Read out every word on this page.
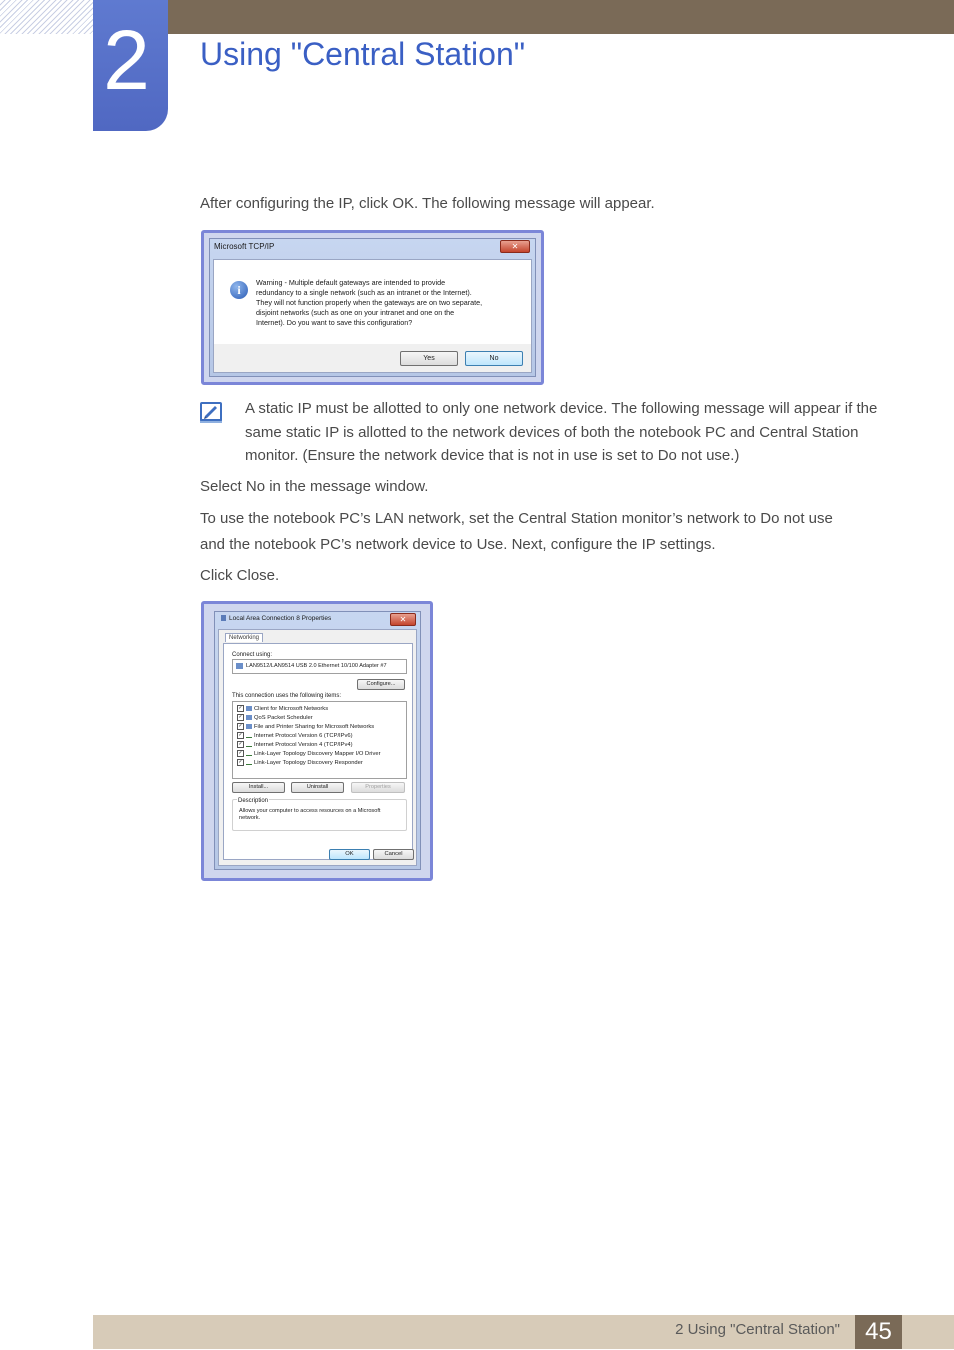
2	Using "Central Station"

After configuring the IP, click OK. The following message will appear.

Microsoft TCP/IP	✕
i
Warning - Multiple default gateways are intended to provide
redundancy to a single network (such as an intranet or the Internet).
They will not function properly when the gateways are on two separate,
disjoint networks (such as one on your intranet and one on the
Internet). Do you want to save this configuration?
Yes	No

A static IP must be allotted to only one network device. The following message will appear if the
same static IP is allotted to the network devices of both the notebook PC and Central Station
monitor. (Ensure the network device that is not in use is set to Do not use.)

Select No in the message window.

To use the notebook PC’s LAN network, set the Central Station monitor’s network to Do not use
and the notebook PC’s network device to Use. Next, configure the IP settings.

Click Close.

Local Area Connection 8 Properties	✕
Networking
Connect using:
LAN9512/LAN9514 USB 2.0 Ethernet 10/100 Adapter #7
Configure...
This connection uses the following items:
✓ Client for Microsoft Networks
✓ QoS Packet Scheduler
✓ File and Printer Sharing for Microsoft Networks
✓ Internet Protocol Version 6 (TCP/IPv6)
✓ Internet Protocol Version 4 (TCP/IPv4)
✓ Link-Layer Topology Discovery Mapper I/O Driver
✓ Link-Layer Topology Discovery Responder
Install...	Uninstall	Properties
Description
Allows your computer to access resources on a Microsoft
network.
OK	Cancel
2 Using "Central Station"	45
